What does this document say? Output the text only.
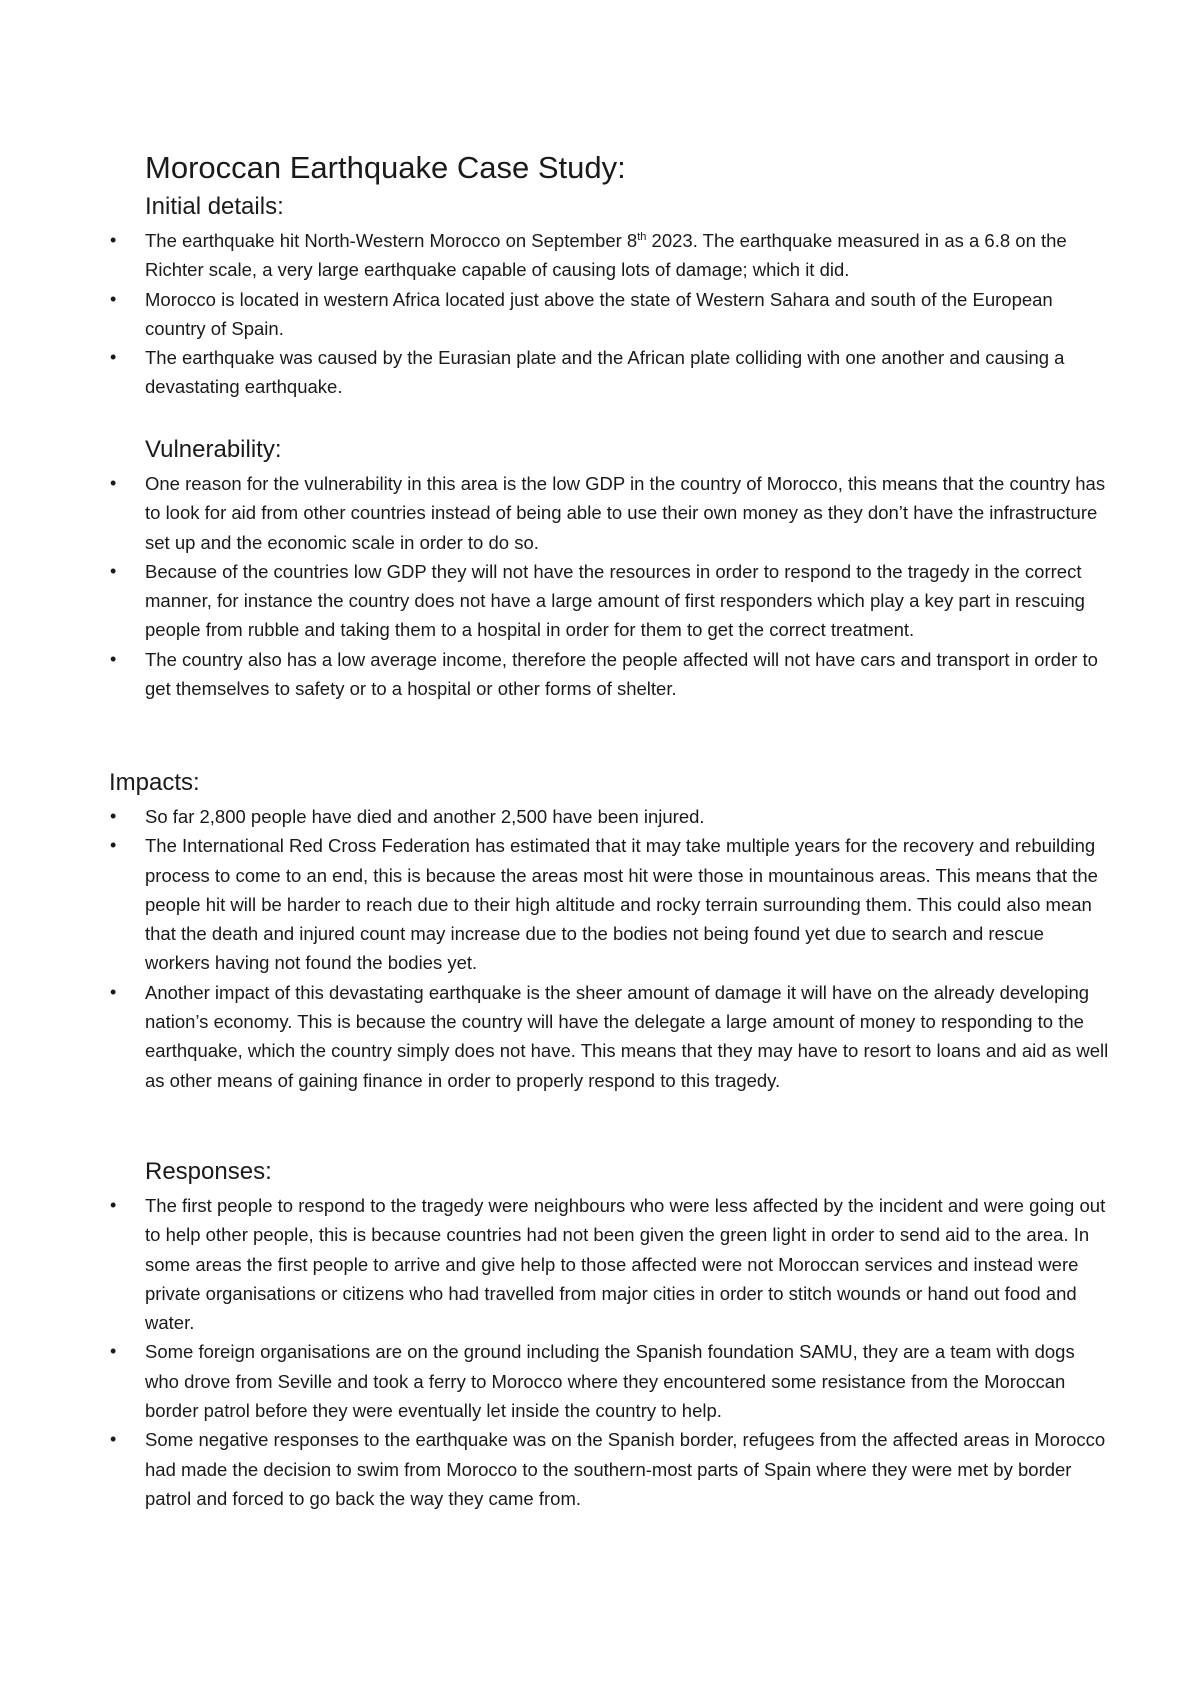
Moroccan Earthquake Case Study:
Initial details:
• The earthquake hit North-Western Morocco on September 8th 2023. The earthquake measured in as a 6.8 on the Richter scale, a very large earthquake capable of causing lots of damage; which it did.
• Morocco is located in western Africa located just above the state of Western Sahara and south of the European country of Spain.
• The earthquake was caused by the Eurasian plate and the African plate colliding with one another and causing a devastating earthquake.
Vulnerability:
• One reason for the vulnerability in this area is the low GDP in the country of Morocco, this means that the country has to look for aid from other countries instead of being able to use their own money as they don’t have the infrastructure set up and the economic scale in order to do so.
• Because of the countries low GDP they will not have the resources in order to respond to the tragedy in the correct manner, for instance the country does not have a large amount of first responders which play a key part in rescuing people from rubble and taking them to a hospital in order for them to get the correct treatment.
• The country also has a low average income, therefore the people affected will not have cars and transport in order to get themselves to safety or to a hospital or other forms of shelter.
Impacts:
• So far 2,800 people have died and another 2,500 have been injured.
• The International Red Cross Federation has estimated that it may take multiple years for the recovery and rebuilding process to come to an end, this is because the areas most hit were those in mountainous areas. This means that the people hit will be harder to reach due to their high altitude and rocky terrain surrounding them. This could also mean that the death and injured count may increase due to the bodies not being found yet due to search and rescue workers having not found the bodies yet.
• Another impact of this devastating earthquake is the sheer amount of damage it will have on the already developing nation’s economy. This is because the country will have the delegate a large amount of money to responding to the earthquake, which the country simply does not have. This means that they may have to resort to loans and aid as well as other means of gaining finance in order to properly respond to this tragedy.
Responses:
• The first people to respond to the tragedy were neighbours who were less affected by the incident and were going out to help other people, this is because countries had not been given the green light in order to send aid to the area. In some areas the first people to arrive and give help to those affected were not Moroccan services and instead were private organisations or citizens who had travelled from major cities in order to stitch wounds or hand out food and water.
• Some foreign organisations are on the ground including the Spanish foundation SAMU, they are a team with dogs who drove from Seville and took a ferry to Morocco where they encountered some resistance from the Moroccan border patrol before they were eventually let inside the country to help.
• Some negative responses to the earthquake was on the Spanish border, refugees from the affected areas in Morocco had made the decision to swim from Morocco to the southern-most parts of Spain where they were met by border patrol and forced to go back the way they came from.
